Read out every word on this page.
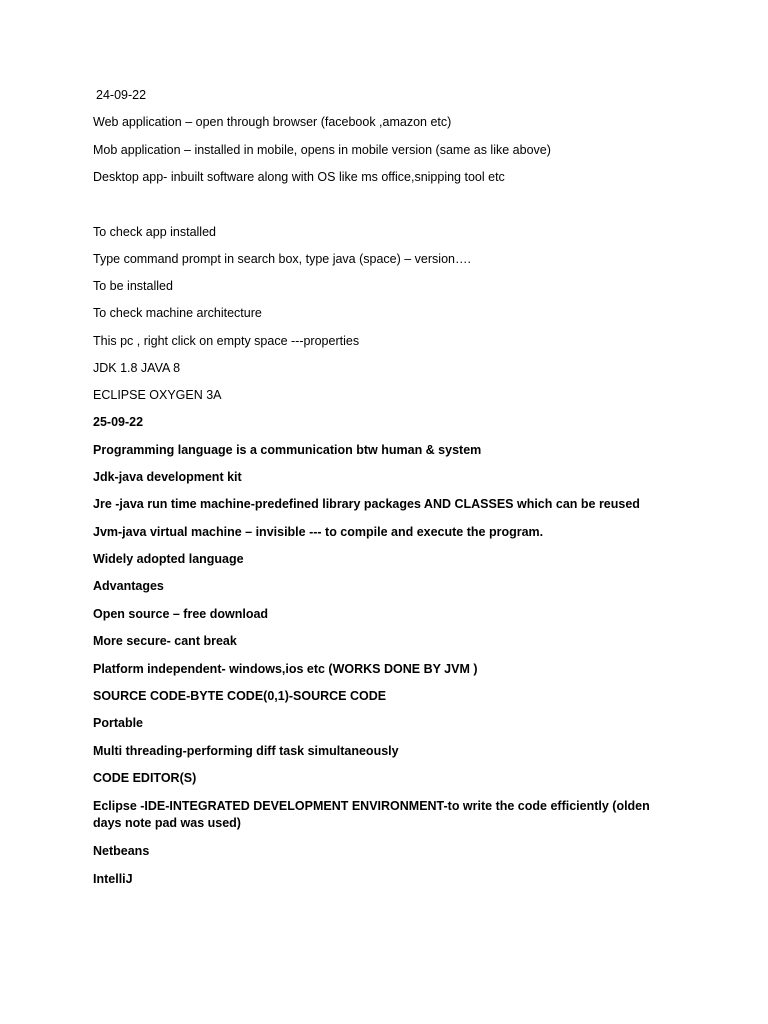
24-09-22
Web application – open through browser (facebook ,amazon etc)
Mob application – installed in mobile, opens in mobile version (same as like above)
Desktop app- inbuilt software along with OS like ms office,snipping tool etc
To check app installed
Type command prompt in search box, type java (space) – version….
To be installed
To check machine architecture
This pc , right click on empty space ---properties
JDK 1.8 JAVA 8
ECLIPSE OXYGEN 3A
25-09-22
Programming language is a communication btw human & system
Jdk-java development kit
Jre -java run time machine-predefined library packages AND CLASSES which can be reused
Jvm-java virtual machine – invisible --- to compile and execute the program.
Widely adopted language
Advantages
Open source – free download
More secure- cant break
Platform independent- windows,ios etc (WORKS DONE BY JVM )
SOURCE CODE-BYTE CODE(0,1)-SOURCE CODE
Portable
Multi threading-performing diff task simultaneously
CODE EDITOR(S)
Eclipse -IDE-INTEGRATED DEVELOPMENT ENVIRONMENT-to write the code efficiently (olden days note pad was used)
Netbeans
IntelliJ
